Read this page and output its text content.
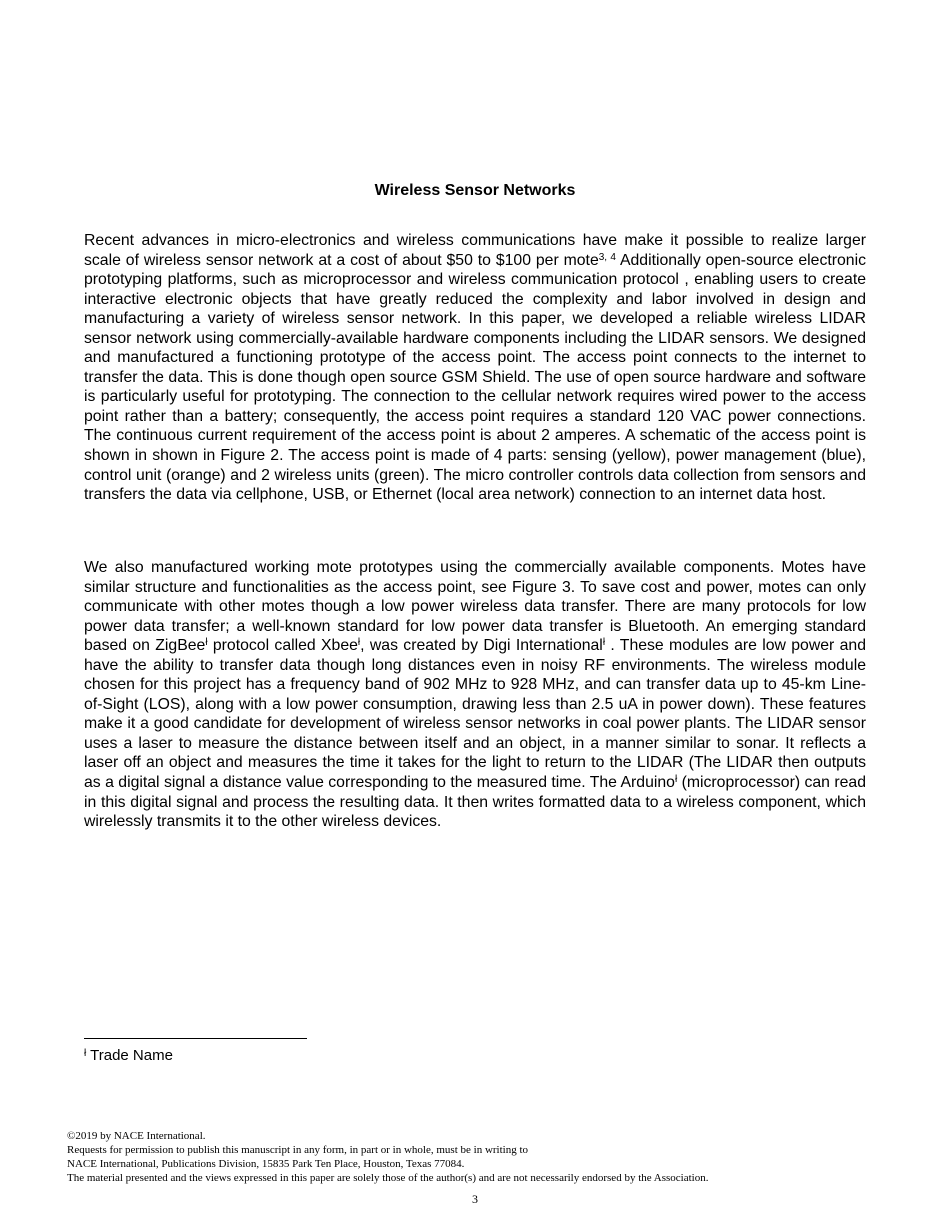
Wireless Sensor Networks

Recent advances in micro-electronics and wireless communications have make it possible to realize larger scale of wireless sensor network at a cost of about $50 to $100 per mote$^{3, 4}$ Additionally open-source electronic prototyping platforms, such as microprocessor and wireless communication protocol , enabling users to create interactive electronic objects that have greatly reduced the complexity and labor involved in design and manufacturing a variety of wireless sensor network. In this paper, we developed a reliable wireless LIDAR sensor network using commercially-available hardware components including the LIDAR sensors. We designed and manufactured a functioning prototype of the access point. The access point connects to the internet to transfer the data. This is done though open source GSM Shield. The use of open source hardware and software is particularly useful for prototyping. The connection to the cellular network requires wired power to the access point rather than a battery; consequently, the access point requires a standard 120 VAC power connections. The continuous current requirement of the access point is about 2 amperes. A schematic of the access point is shown in shown in Figure 2. The access point is made of 4 parts: sensing (yellow), power management (blue), control unit (orange) and 2 wireless units (green). The micro controller controls data collection from sensors and transfers the data via cellphone, USB, or Ethernet (local area network) connection to an internet data host.

We also manufactured working mote prototypes using the commercially available components. Motes have similar structure and functionalities as the access point, see Figure 3. To save cost and power, motes can only communicate with other motes though a low power wireless data transfer. There are many protocols for low power data transfer; a well-known standard for low power data transfer is Bluetooth. An emerging standard based on ZigBee$^ł$ protocol called Xbee$^ł$, was created by Digi International$^ł$ . These modules are low power and have the ability to transfer data though long distances even in noisy RF environments. The wireless module chosen for this project has a frequency band of 902 MHz to 928 MHz, and can transfer data up to 45-km Line-of-Sight (LOS), along with a low power consumption, drawing less than 2.5 uA in power down). These features make it a good candidate for development of wireless sensor networks in coal power plants. The LIDAR sensor uses a laser to measure the distance between itself and an object, in a manner similar to sonar. It reflects a laser off an object and measures the time it takes for the light to return to the LIDAR (The LIDAR then outputs as a digital signal a distance value corresponding to the measured time. The Arduino$^ł$ (microprocessor) can read in this digital signal and process the resulting data. It then writes formatted data to a wireless component, which wirelessly transmits it to the other wireless devices.

$^ł$ Trade Name
©2019 by NACE International.
Requests for permission to publish this manuscript in any form, in part or in whole, must be in writing to
NACE International, Publications Division, 15835 Park Ten Place, Houston, Texas 77084.
The material presented and the views expressed in this paper are solely those of the author(s) and are not necessarily endorsed by the Association.
3
